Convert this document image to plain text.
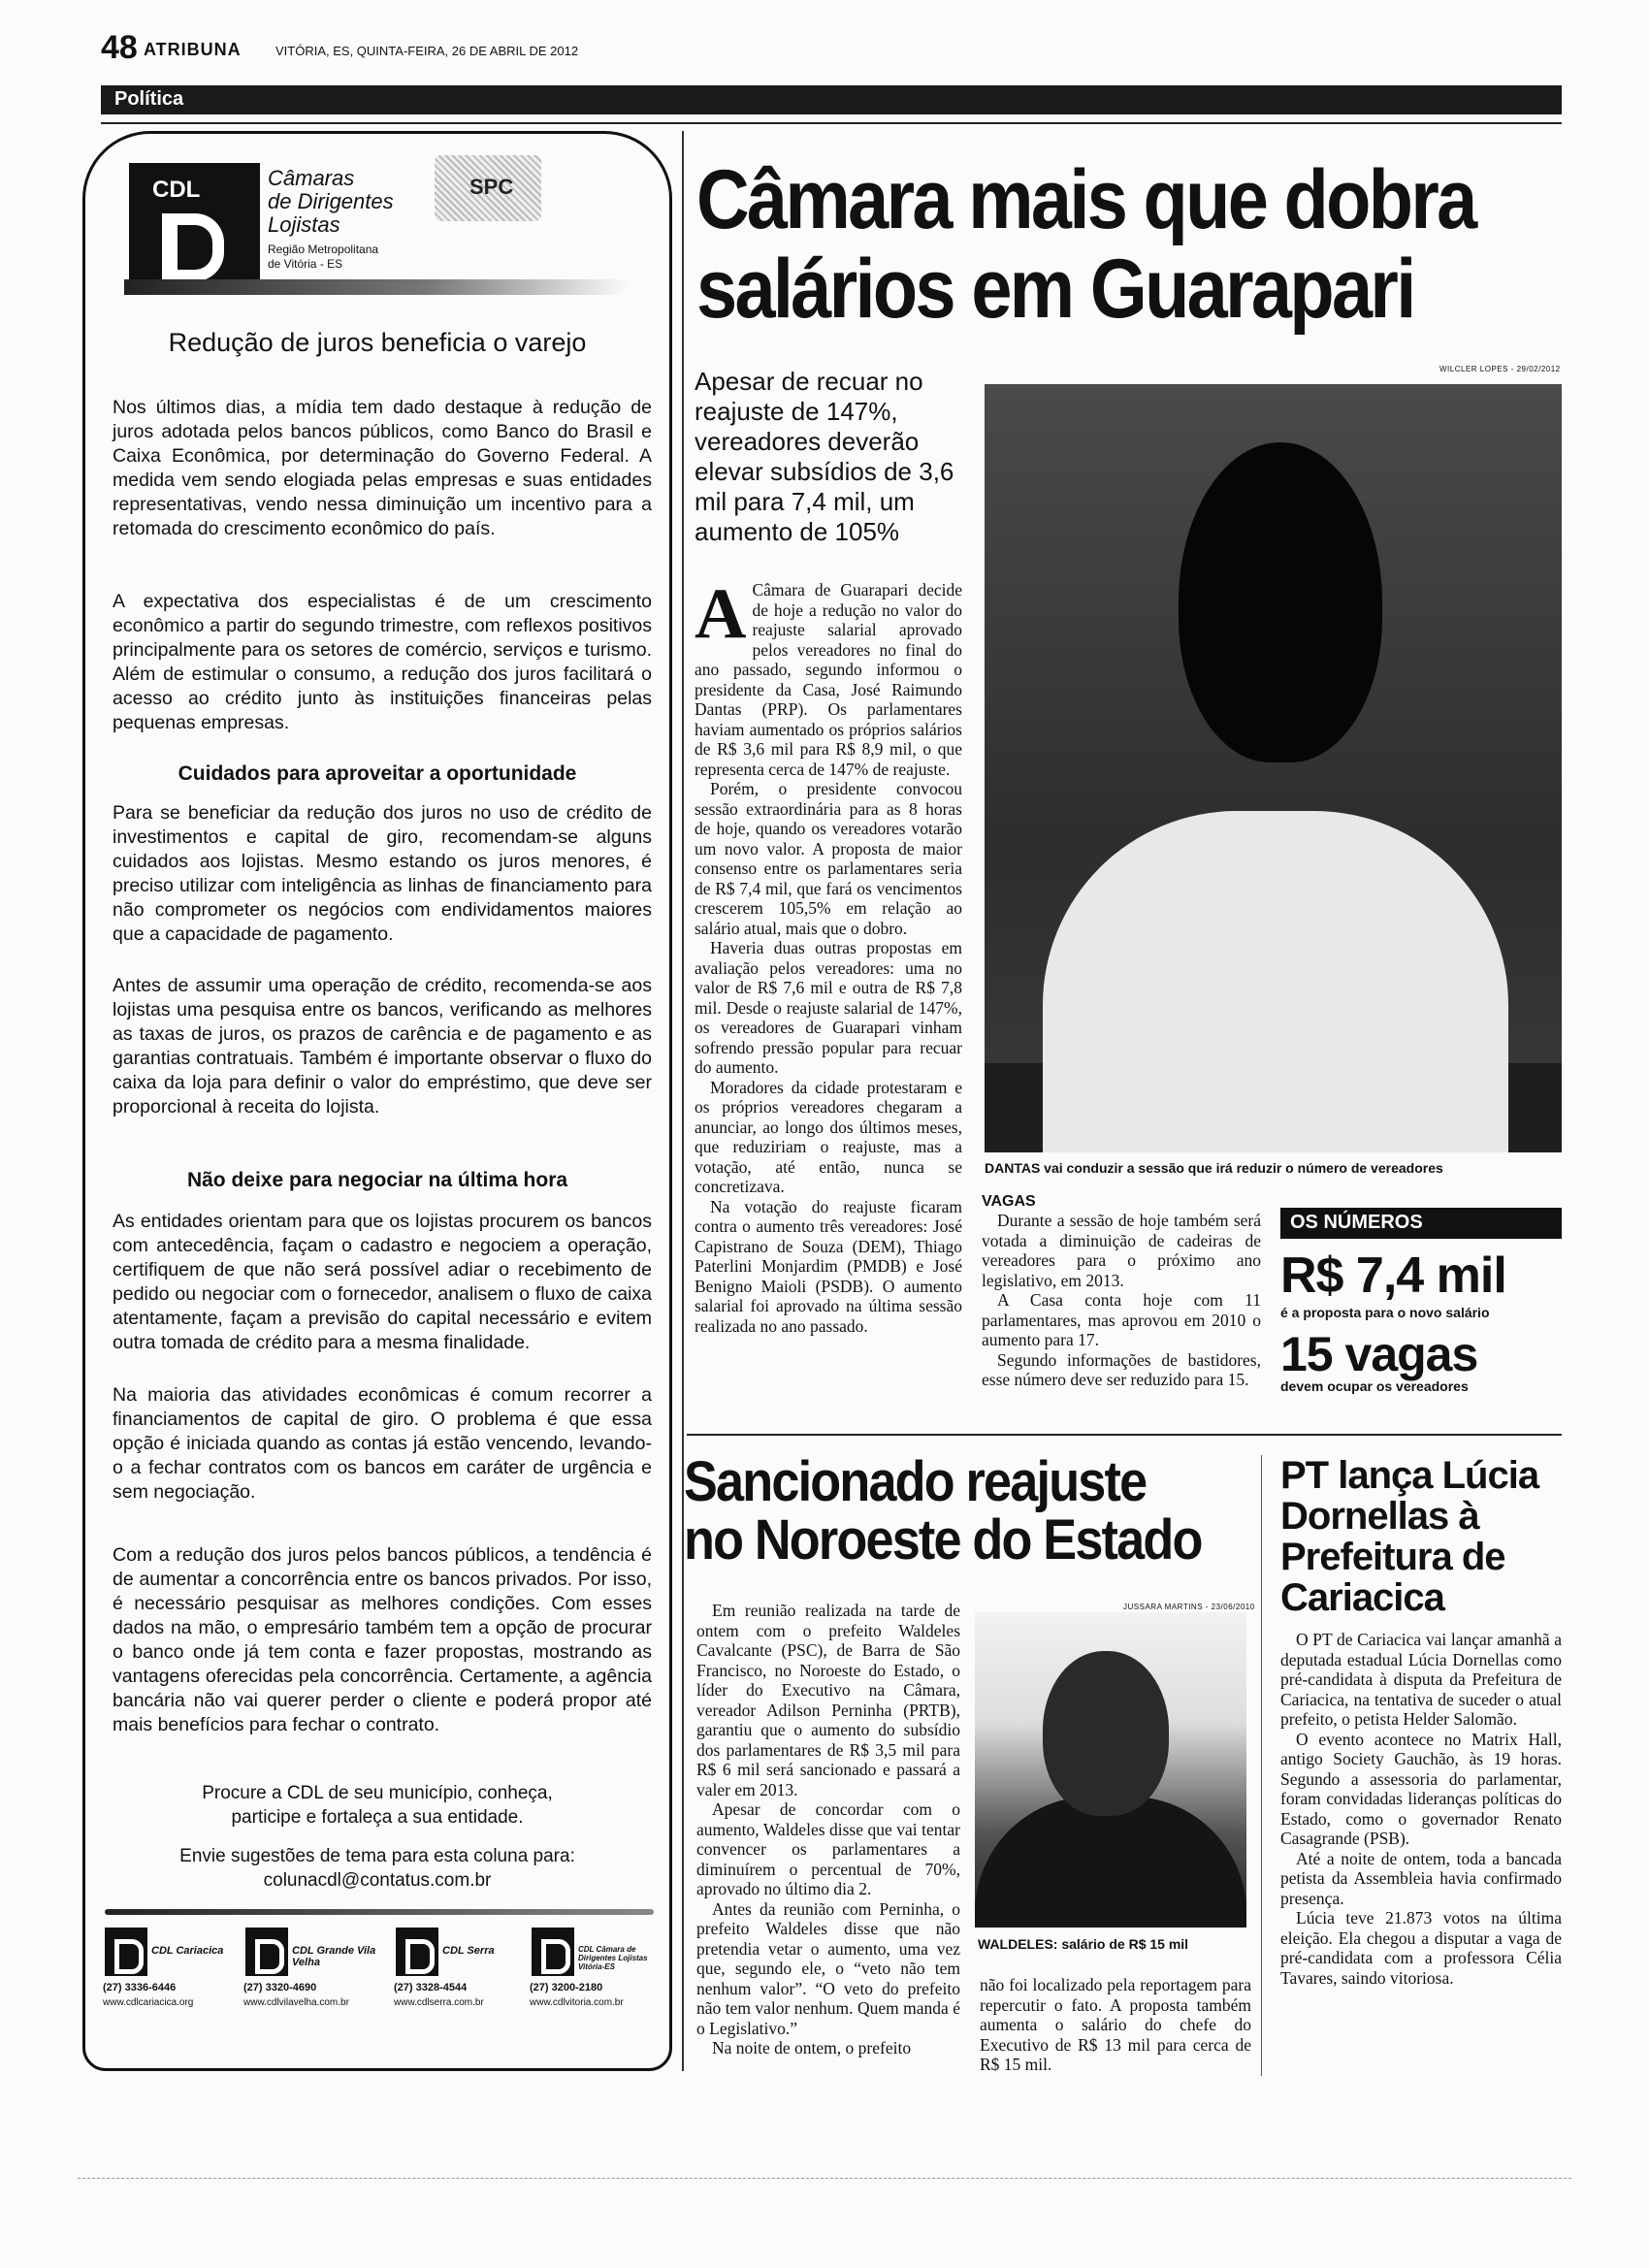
48 ATRIBUNA	VITÓRIA, ES, QUINTA-FEIRA, 26 DE ABRIL DE 2012
Política
CDL	Câmaras
de Dirigentes
Lojistas
Região Metropolitana
de Vitória - ES
SPC
Redução de juros beneficia o varejo

Nos últimos dias, a mídia tem dado destaque à redução de juros adotada pelos bancos públicos, como Banco do Brasil e Caixa Econômica, por determinação do Governo Federal. A medida vem sendo elogiada pelas empresas e suas entidades representativas, vendo nessa diminuição um incentivo para a retomada do crescimento econômico do país.

A expectativa dos especialistas é de um crescimento econômico a partir do segundo trimestre, com reflexos positivos principalmente para os setores de comércio, serviços e turismo. Além de estimular o consumo, a redução dos juros facilitará o acesso ao crédito junto às instituições financeiras pelas pequenas empresas.

Cuidados para aproveitar a oportunidade

Para se beneficiar da redução dos juros no uso de crédito de investimentos e capital de giro, recomendam-se alguns cuidados aos lojistas. Mesmo estando os juros menores, é preciso utilizar com inteligência as linhas de financiamento para não comprometer os negócios com endividamentos maiores que a capacidade de pagamento.

Antes de assumir uma operação de crédito, recomenda-se aos lojistas uma pesquisa entre os bancos, verificando as melhores as taxas de juros, os prazos de carência e de pagamento e as garantias contratuais. Também é importante observar o fluxo do caixa da loja para definir o valor do empréstimo, que deve ser proporcional à receita do lojista.

Não deixe para negociar na última hora

As entidades orientam para que os lojistas procurem os bancos com antecedência, façam o cadastro e negociem a operação, certifiquem de que não será possível adiar o recebimento de pedido ou negociar com o fornecedor, analisem o fluxo de caixa atentamente, façam a previsão do capital necessário e evitem outra tomada de crédito para a mesma finalidade.

Na maioria das atividades econômicas é comum recorrer a financiamentos de capital de giro. O problema é que essa opção é iniciada quando as contas já estão vencendo, levando-o a fechar contratos com os bancos em caráter de urgência e sem negociação.

Com a redução dos juros pelos bancos públicos, a tendência é de aumentar a concorrência entre os bancos privados. Por isso, é necessário pesquisar as melhores condições. Com esses dados na mão, o empresário também tem a opção de procurar o banco onde já tem conta e fazer propostas, mostrando as vantagens oferecidas pela concorrência. Certamente, a agência bancária não vai querer perder o cliente e poderá propor até mais benefícios para fechar o contrato.

Procure a CDL de seu município, conheça,
participe e fortaleça a sua entidade.
Envie sugestões de tema para esta coluna para:
colunacdl@contatus.com.br
CDL Cariacica
(27) 3336-6446
www.cdlcariacica.org
CDL Grande Vila Velha
(27) 3320-4690
www.cdlvilavelha.com.br
CDL Serra
(27) 3328-4544
www.cdlserra.com.br
CDL Câmara de Dirigentes Lojistas Vitória-ES
(27) 3200-2180
www.cdlvitoria.com.br
Câmara mais que dobra
salários em Guarapari
WILCLER LOPES - 29/02/2012

Apesar de recuar no reajuste de 147%, vereadores deverão elevar subsídios de 3,6 mil para 7,4 mil, um aumento de 105%

DANTAS vai conduzir a sessão que irá reduzir o número de vereadores
A Câmara de Guarapari decide de hoje a redução no valor do reajuste salarial aprovado pelos vereadores no final do ano passado, segundo informou o presidente da Casa, José Raimundo Dantas (PRP). Os parlamentares haviam aumentado os próprios salários de R$ 3,6 mil para R$ 8,9 mil, o que representa cerca de 147% de reajuste.

Porém, o presidente convocou sessão extraordinária para as 8 horas de hoje, quando os vereadores votarão um novo valor. A proposta de maior consenso entre os parlamentares seria de R$ 7,4 mil, que fará os vencimentos crescerem 105,5% em relação ao salário atual, mais que o dobro.

Haveria duas outras propostas em avaliação pelos vereadores: uma no valor de R$ 7,6 mil e outra de R$ 7,8 mil. Desde o reajuste salarial de 147%, os vereadores de Guarapari vinham sofrendo pressão popular para recuar do aumento.

Moradores da cidade protestaram e os próprios vereadores chegaram a anunciar, ao longo dos últimos meses, que reduziriam o reajuste, mas a votação, até então, nunca se concretizava.

Na votação do reajuste ficaram contra o aumento três vereadores: José Capistrano de Souza (DEM), Thiago Paterlini Monjardim (PMDB) e José Benigno Maioli (PSDB). O aumento salarial foi aprovado na última sessão realizada no ano passado.

VAGAS

Durante a sessão de hoje também será votada a diminuição de cadeiras de vereadores para o próximo ano legislativo, em 2013.

A Casa conta hoje com 11 parlamentares, mas aprovou em 2010 o aumento para 17.

Segundo informações de bastidores, esse número deve ser reduzido para 15.

OS NÚMEROS
R$ 7,4 mil
é a proposta para o novo salário
15 vagas
devem ocupar os vereadores
Sancionado reajuste
no Noroeste do Estado
JUSSARA MARTINS - 23/06/2010

Em reunião realizada na tarde de ontem com o prefeito Waldeles Cavalcante (PSC), de Barra de São Francisco, no Noroeste do Estado, o líder do Executivo na Câmara, vereador Adilson Perninha (PRTB), garantiu que o aumento do subsídio dos parlamentares de R$ 3,5 mil para R$ 6 mil será sancionado e passará a valer em 2013.

Apesar de concordar com o aumento, Waldeles disse que vai tentar convencer os parlamentares a diminuírem o percentual de 70%, aprovado no último dia 2.

Antes da reunião com Perninha, o prefeito Waldeles disse que não pretendia vetar o aumento, uma vez que, segundo ele, o “veto não tem nenhum valor”. “O veto do prefeito não tem valor nenhum. Quem manda é o Legislativo.”

Na noite de ontem, o prefeito

WALDELES: salário de R$ 15 mil

não foi localizado pela reportagem para repercutir o fato. A proposta também aumenta o salário do chefe do Executivo de R$ 13 mil para cerca de R$ 15 mil.

PT lança Lúcia Dornellas à Prefeitura de Cariacica

O PT de Cariacica vai lançar amanhã a deputada estadual Lúcia Dornellas como pré-candidata à disputa da Prefeitura de Cariacica, na tentativa de suceder o atual prefeito, o petista Helder Salomão.

O evento acontece no Matrix Hall, antigo Society Gauchão, às 19 horas. Segundo a assessoria do parlamentar, foram convidadas lideranças políticas do Estado, como o governador Renato Casagrande (PSB).

Até a noite de ontem, toda a bancada petista da Assembleia havia confirmado presença.

Lúcia teve 21.873 votos na última eleição. Ela chegou a disputar a vaga de pré-candidata com a professora Célia Tavares, saindo vitoriosa.
